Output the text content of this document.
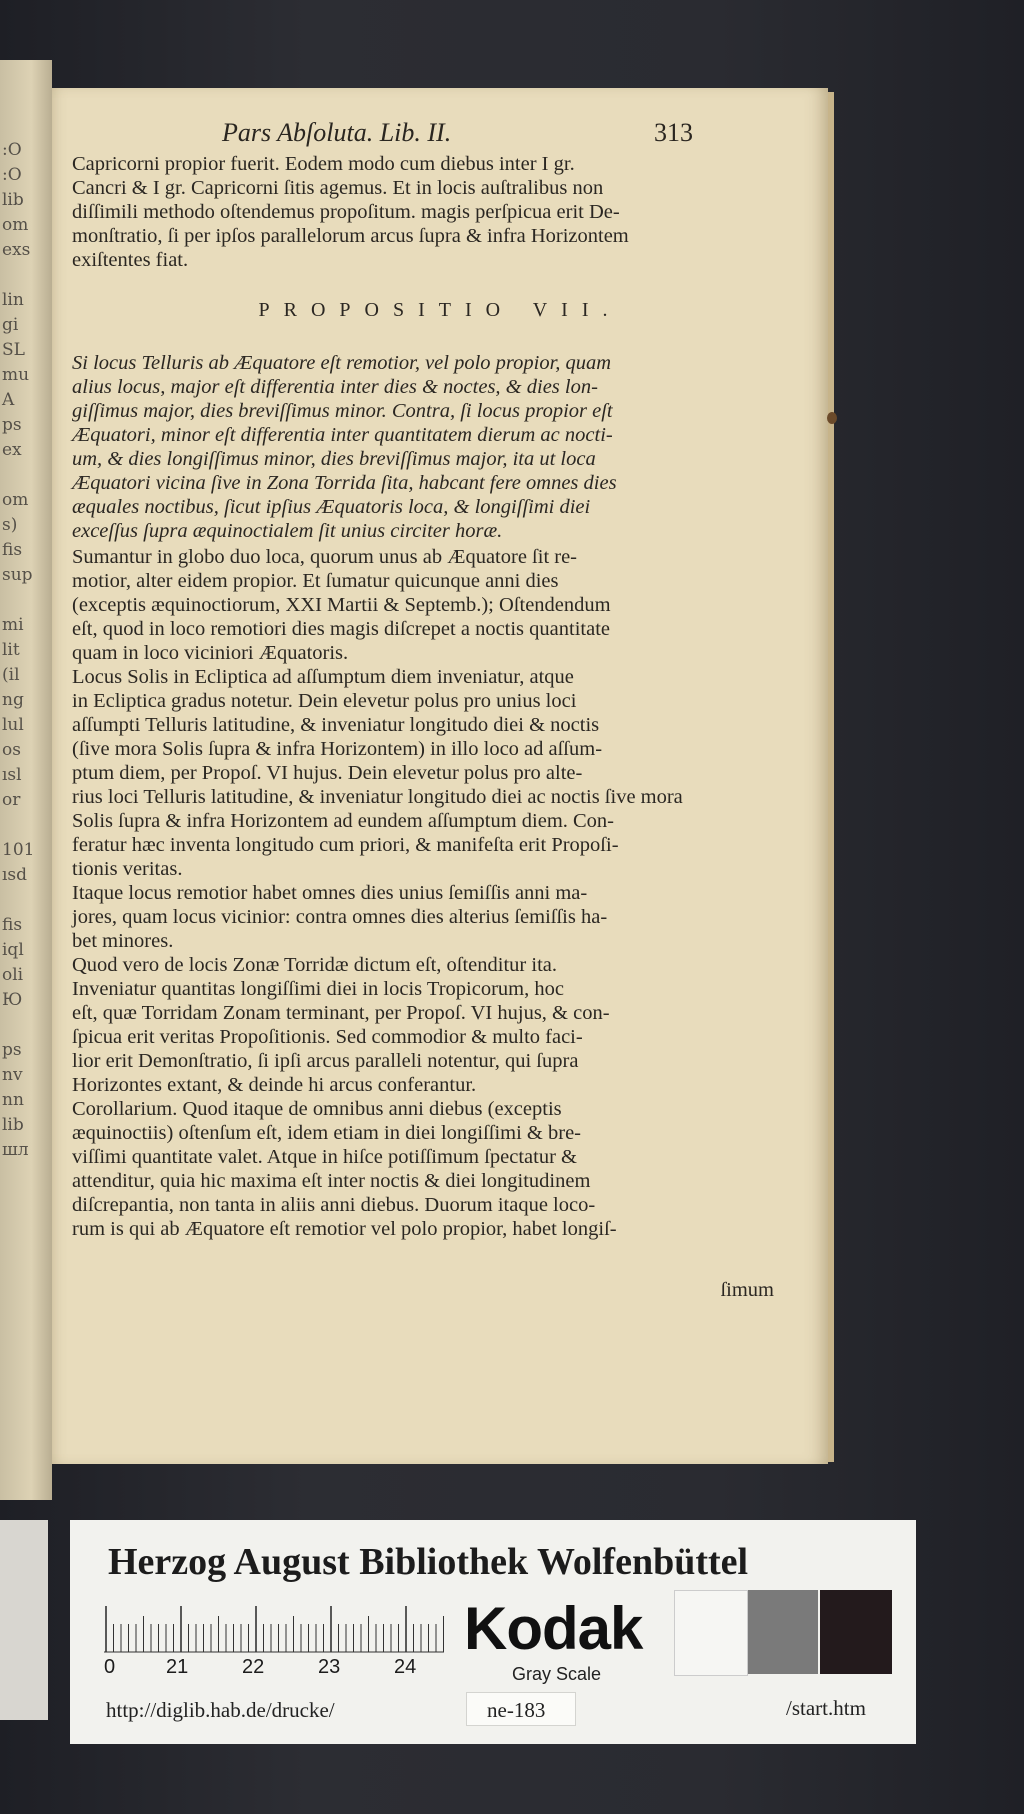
:O
:O
lib
om
exs
lin
gi
SL
mu
A
ps
ex
om
s)
fis
sup
mi
lit
(il
ng
lul
os
ısl
or
101
ısd
fis
iql
oli
Ю
ps
nv
nn
lib
шл
Pars Abſoluta. Lib. II.	313
Capricorni propior fuerit. Eodem modo cum diebus inter I gr.
Cancri & I gr. Capricorni ſitis agemus. Et in locis auſtralibus non
diſſimili methodo oſtendemus propoſitum. magis perſpicua erit De-
monſtratio, ſi per ipſos parallelorum arcus ſupra & infra Horizontem
exiſtentes fiat.
PROPOSITIO VII.
Si locus Telluris ab Æquatore eſt remotior, vel polo propior, quam
alius locus, major eſt differentia inter dies & noctes, & dies lon-
giſſimus major, dies breviſſimus minor. Contra, ſi locus propior eſt
Æquatori, minor eſt differentia inter quantitatem dierum ac nocti-
um, & dies longiſſimus minor, dies breviſſimus major, ita ut loca
Æquatori vicina ſive in Zona Torrida ſita, habcant fere omnes dies
æquales noctibus, ſicut ipſius Æquatoris loca, & longiſſimi diei
exceſſus ſupra æquinoctialem ſit unius circiter horæ.
Sumantur in globo duo loca, quorum unus ab Æquatore ſit re-
motior, alter eidem propior. Et ſumatur quicunque anni dies
(exceptis æquinoctiorum, XXI Martii & Septemb.); Oſtendendum
eſt, quod in loco remotiori dies magis diſcrepet a noctis quantitate
quam in loco viciniori Æquatoris.
Locus Solis in Ecliptica ad aſſumptum diem inveniatur, atque
in Ecliptica gradus notetur. Dein elevetur polus pro unius loci
aſſumpti Telluris latitudine, & inveniatur longitudo diei & noctis
(ſive mora Solis ſupra & infra Horizontem) in illo loco ad aſſum-
ptum diem, per Propoſ. VI hujus. Dein elevetur polus pro alte-
rius loci Telluris latitudine, & inveniatur longitudo diei ac noctis ſive mora
Solis ſupra & infra Horizontem ad eundem aſſumptum diem. Con-
feratur hæc inventa longitudo cum priori, & manifeſta erit Propoſi-
tionis veritas.
Itaque locus remotior habet omnes dies unius ſemiſſis anni ma-
jores, quam locus vicinior: contra omnes dies alterius ſemiſſis ha-
bet minores.
Quod vero de locis Zonæ Torridæ dictum eſt, oſtenditur ita.
Inveniatur quantitas longiſſimi diei in locis Tropicorum, hoc
eſt, quæ Torridam Zonam terminant, per Propoſ. VI hujus, & con-
ſpicua erit veritas Propoſitionis. Sed commodior & multo faci-
lior erit Demonſtratio, ſi ipſi arcus paralleli notentur, qui ſupra
Horizontes extant, & deinde hi arcus conferantur.
Corollarium. Quod itaque de omnibus anni diebus (exceptis
æquinoctiis) oſtenſum eſt, idem etiam in diei longiſſimi & bre-
viſſimi quantitate valet. Atque in hiſce potiſſimum ſpectatur &
attenditur, quia hic maxima eſt inter noctis & diei longitudinem
diſcrepantia, non tanta in aliis anni diebus. Duorum itaque loco-
rum is qui ab Æquatore eſt remotior vel polo propior, habet longiſ-
ſimum
Herzog August Bibliothek Wolfenbüttel
0	21	22	23	24
Kodak
Gray Scale
http://diglib.hab.de/drucke/	ne-183	/start.htm
